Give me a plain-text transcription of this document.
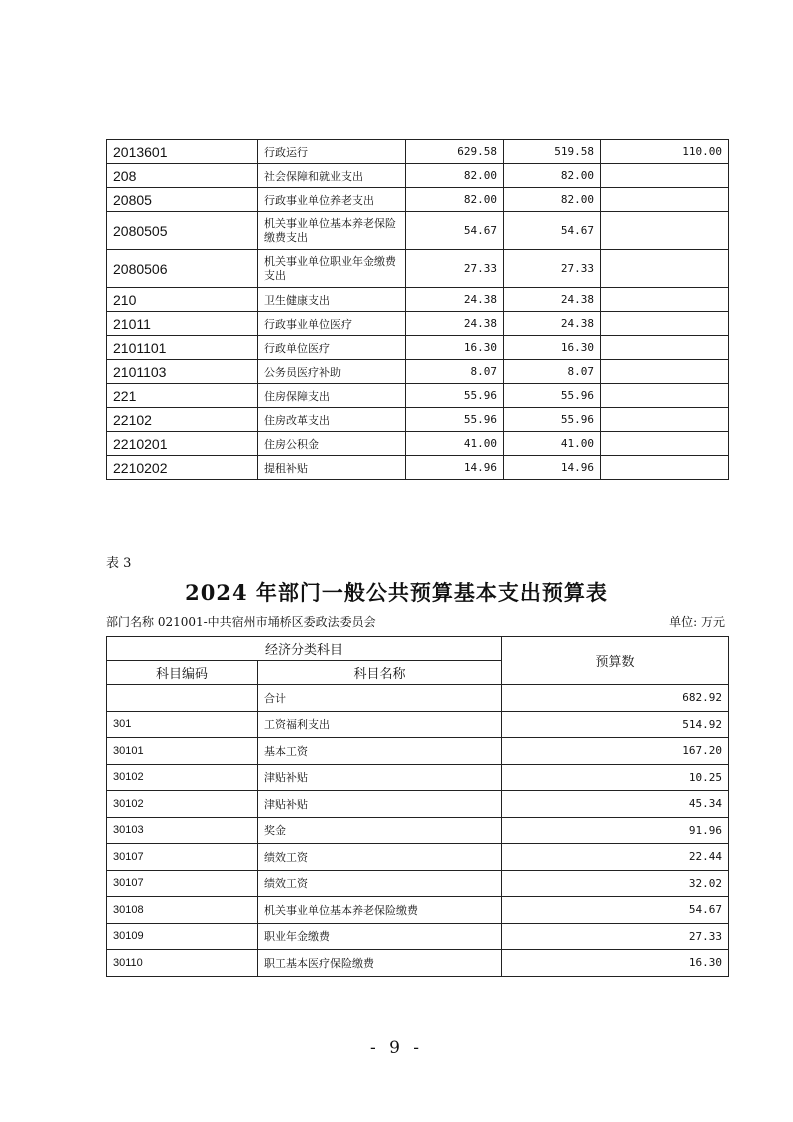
2013601	行政运行	629.58	519.58	110.00
208	社会保障和就业支出	82.00	82.00	
20805	行政事业单位养老支出	82.00	82.00	
2080505	机关事业单位基本养老保险缴费支出	54.67	54.67	
2080506	机关事业单位职业年金缴费支出	27.33	27.33	
210	卫生健康支出	24.38	24.38	
21011	行政事业单位医疗	24.38	24.38	
2101101	行政单位医疗	16.30	16.30	
2101103	公务员医疗补助	8.07	8.07	
221	住房保障支出	55.96	55.96	
22102	住房改革支出	55.96	55.96	
2210201	住房公积金	41.00	41.00	
2210202	提租补贴	14.96	14.96	
表 3
2024 年部门一般公共预算基本支出预算表
部门名称 021001-中共宿州市埇桥区委政法委员会	单位: 万元
经济分类科目		预算数
科目编码	科目名称	
	合计	682.92
301	工资福利支出	514.92
30101	基本工资	167.20
30102	津贴补贴	10.25
30102	津贴补贴	45.34
30103	奖金	91.96
30107	绩效工资	22.44
30107	绩效工资	32.02
30108	机关事业单位基本养老保险缴费	54.67
30109	职业年金缴费	27.33
30110	职工基本医疗保险缴费	16.30
- 9 -
